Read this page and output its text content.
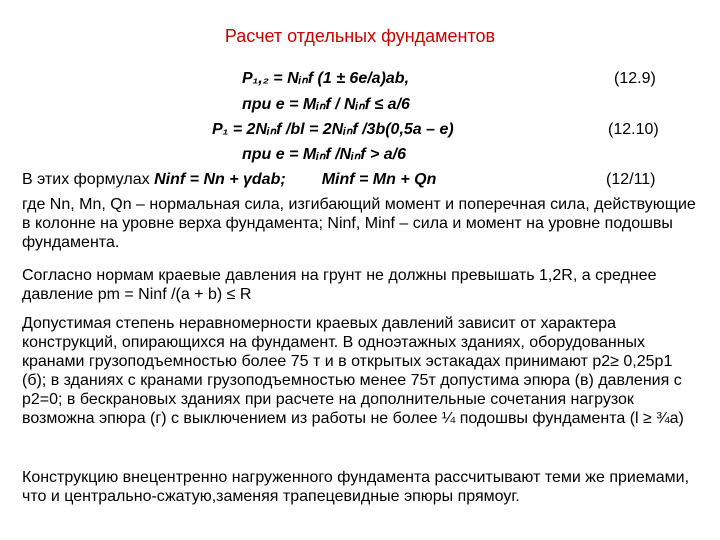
Расчет отдельных фундаментов
P₁,₂ = Nᵢₙf (1 ± 6e/a)ab,	(12.9)
при e = Mᵢₙf / Nᵢₙf ≤ a/6
P₁ = 2Nᵢₙf /bl = 2Nᵢₙf /3b(0,5a – e)	(12.10)
при e = Mᵢₙf /Nᵢₙf > a/6
В этих формулах Ninf = Nn + γdab; Minf = Mn + Qn	(12/11)
где Nn, Mn, Qn – нормальная сила, изгибающий момент и поперечная сила, действующие в колонне на уровне верха фундамента; Ninf, Minf – сила и момент на уровне подошвы фундамента.
Согласно нормам краевые давления на грунт не должны превышать 1,2R, а среднее давление pm = Ninf /(a + b) ≤ R
Допустимая степень неравномерности краевых давлений зависит от характера конструкций, опирающихся на фундамент. В одноэтажных зданиях, оборудованных кранами грузоподъемностью более 75 т и в открытых эстакадах принимают p2≥ 0,25p1 (б); в зданиях с кранами грузоподъемностью менее 75т допустима эпюра (в) давления с p2=0; в бескрановых зданиях при расчете на дополнительные сочетания нагрузок возможна эпюра (г) с выключением из работы не более ¼ подошвы фундамента (l ≥ ¾a)
Конструкцию внецентренно нагруженного фундамента рассчитывают теми же приемами, что и центрально-сжатую,заменяя трапецевидные эпюры прямоуг.
